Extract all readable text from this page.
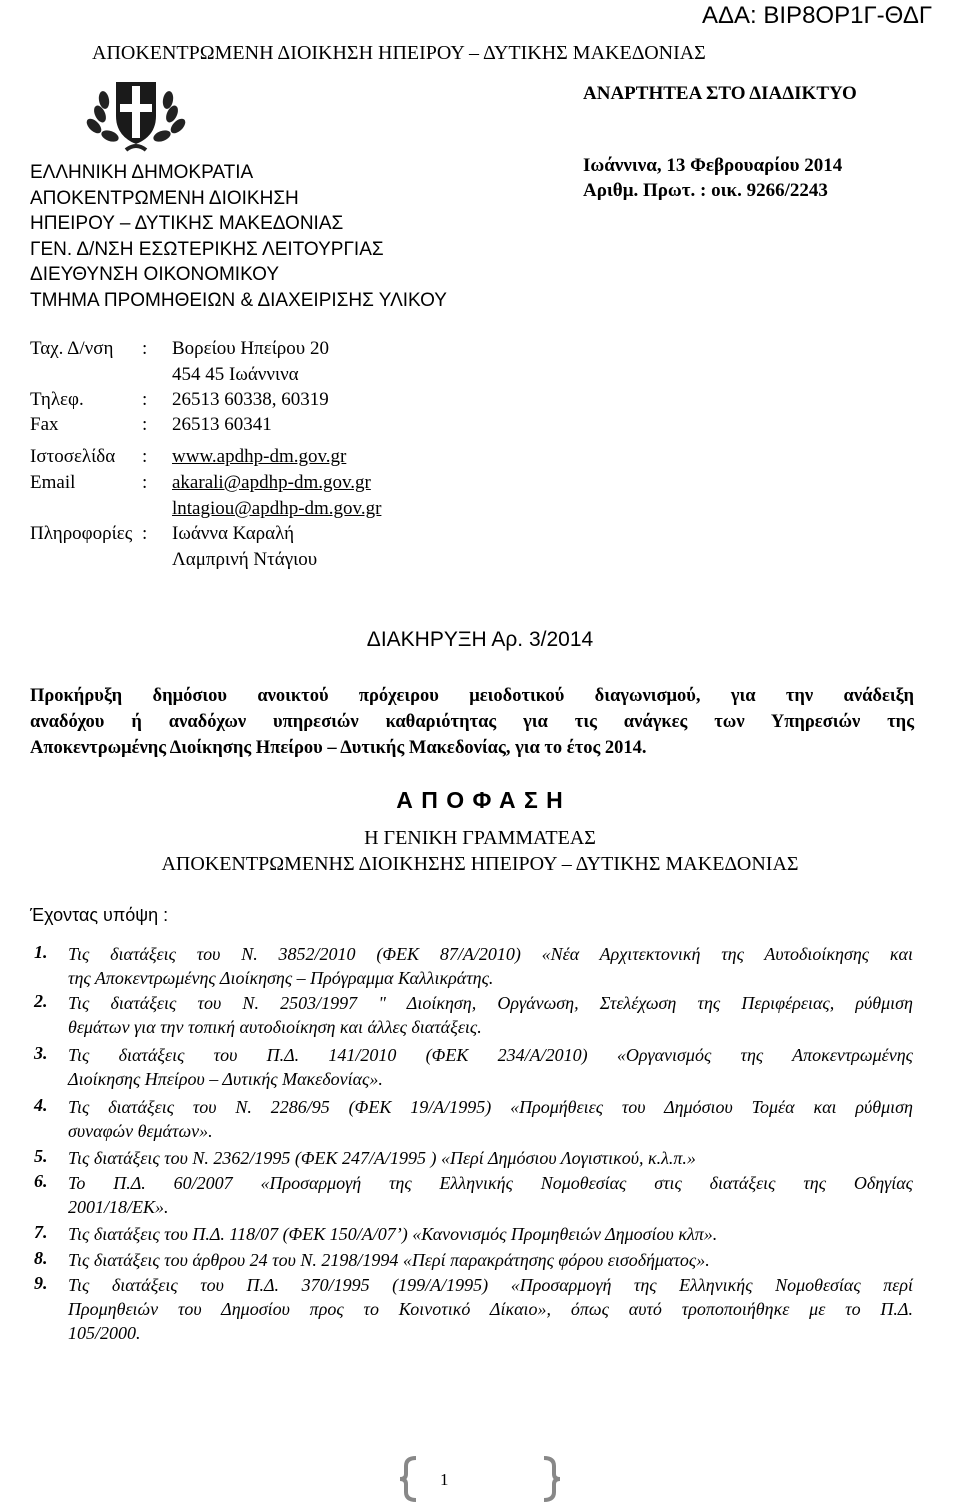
ΑΔΑ: ΒΙΡ8ΟΡ1Γ-ΘΔΓ
ΑΠΟΚΕΝΤΡΩΜΕΝΗ ΔΙΟΙΚΗΣΗ ΗΠΕΙΡΟΥ – ΔΥΤΙΚΗΣ ΜΑΚΕΔΟΝΙΑΣ
ΑΝΑΡΤΗΤΕΑ ΣΤΟ ΔΙΑΔΙΚΤΥΟ
ΕΛΛΗΝΙΚΗ ΔΗΜΟΚΡΑΤΙΑ
ΑΠΟΚΕΝΤΡΩΜΕΝΗ ΔΙΟΙΚΗΣΗ
ΗΠΕΙΡΟΥ – ΔΥΤΙΚΗΣ ΜΑΚΕΔΟΝΙΑΣ
ΓΕΝ. Δ/ΝΣΗ ΕΣΩΤΕΡΙΚΗΣ ΛΕΙΤΟΥΡΓΙΑΣ
ΔΙΕΥΘΥΝΣΗ ΟΙΚΟΝΟΜΙΚΟΥ
ΤΜΗΜΑ ΠΡΟΜΗΘΕΙΩΝ & ΔΙΑΧΕΙΡΙΣΗΣ ΥΛΙΚΟΥ
Ιωάννινα, 13 Φεβρουαρίου 2014
Αριθμ. Πρωτ. : οικ. 9266/2243
Ταχ. Δ/νση : Βορείου Ηπείρου 20
454 45 Ιωάννινα
Τηλεφ.	: 26513 60338, 60319
Fax	: 26513 60341
Ιστοσελίδα : www.apdhp-dm.gov.gr
Email	: akarali@apdhp-dm.gov.gr
lntagiou@apdhp-dm.gov.gr
Πληροφορίες : Ιωάννα Καραλή
Λαμπρινή Ντάγιου
ΔΙΑΚΗΡΥΞΗ Αρ. 3/2014
Προκήρυξη δημόσιου ανοικτού πρόχειρου μειοδοτικού διαγωνισμού, για την ανάδειξη
αναδόχου ή αναδόχων υπηρεσιών καθαριότητας για τις ανάγκες των Υπηρεσιών της
Αποκεντρωμένης Διοίκησης Ηπείρου – Δυτικής Μακεδονίας, για το έτος 2014.
Α Π Ο Φ Α Σ Η
Η ΓΕΝΙΚΗ ΓΡΑΜΜΑΤΕΑΣ
ΑΠΟΚΕΝΤΡΩΜΕΝΗΣ ΔΙΟΙΚΗΣΗΣ ΗΠΕΙΡΟΥ – ΔΥΤΙΚΗΣ ΜΑΚΕΔΟΝΙΑΣ
Έχοντας υπόψη :
1. Τις διατάξεις του Ν. 3852/2010 (ΦΕΚ 87/Α/2010) «Νέα Αρχιτεκτονική της Αυτοδιοίκησης και
της Αποκεντρωμένης Διοίκησης – Πρόγραμμα Καλλικράτης.
2. Τις διατάξεις του Ν. 2503/1997 " Διοίκηση, Οργάνωση, Στελέχωση της Περιφέρειας, ρύθμιση
θεμάτων για την τοπική αυτοδιοίκηση και άλλες διατάξεις.
3. Τις διατάξεις του Π.Δ. 141/2010 (ΦΕΚ 234/Α/2010) «Οργανισμός της Αποκεντρωμένης
Διοίκησης Ηπείρου – Δυτικής Μακεδονίας».
4. Τις διατάξεις του Ν. 2286/95 (ΦΕΚ 19/Α/1995) «Προμήθειες του Δημόσιου Τομέα και ρύθμιση
συναφών θεμάτων».
5. Τις διατάξεις του Ν. 2362/1995 (ΦΕΚ 247/Α/1995 ) «Περί Δημόσιου Λογιστικού, κ.λ.π.»
6. Το Π.Δ. 60/2007 «Προσαρμογή της Ελληνικής Νομοθεσίας στις διατάξεις της Οδηγίας
2001/18/ΕΚ».
7. Τις διατάξεις του Π.Δ. 118/07 (ΦΕΚ 150/Α/07’) «Κανονισμός Προμηθειών Δημοσίου κλπ».
8. Τις διατάξεις του άρθρου 24 του Ν. 2198/1994 «Περί παρακράτησης φόρου εισοδήματος».
9. Τις διατάξεις του Π.Δ. 370/1995 (199/Α/1995) «Προσαρμογή της Ελληνικής Νομοθεσίας περί
Προμηθειών του Δημοσίου προς το Κοινοτικό Δίκαιο», όπως αυτό τροποποιήθηκε με το Π.Δ.
105/2000.
1
